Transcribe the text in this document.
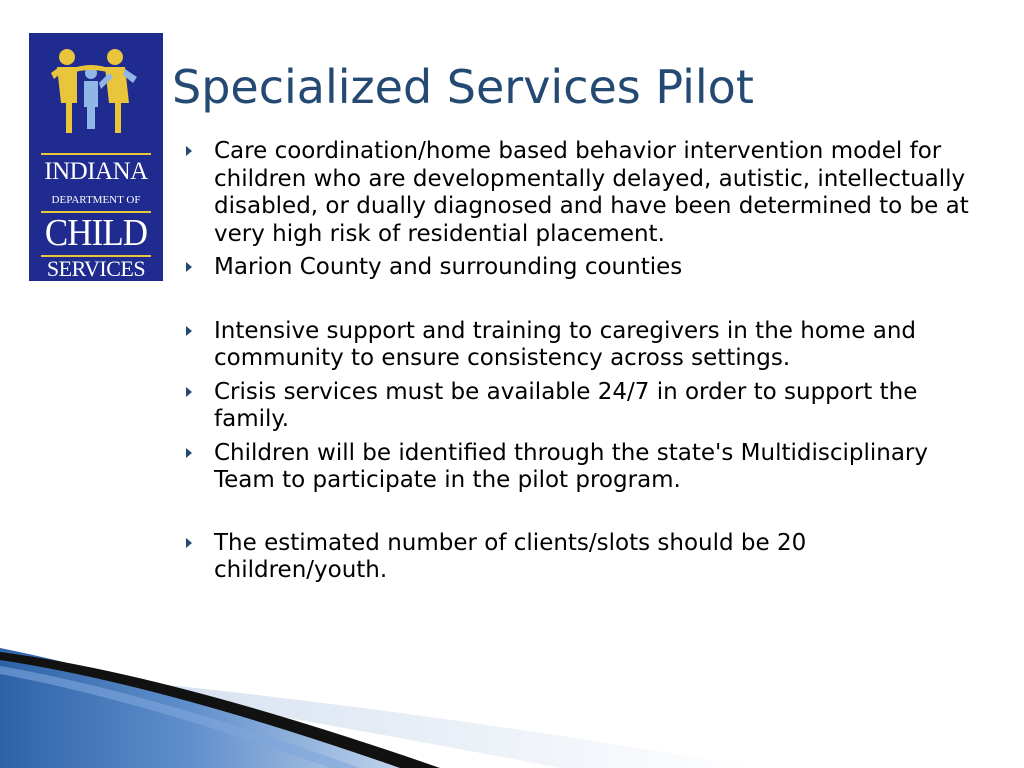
INDIANA
DEPARTMENT OF
CHILD
SERVICES
Specialized Services Pilot
Care coordination/home based behavior intervention model for children who are developmentally delayed, autistic, intellectually disabled, or dually diagnosed and have been determined to be at very high risk of residential placement.
Marion County and surrounding counties
Intensive support and training to caregivers in the home and community to ensure consistency across settings.
Crisis services must be available 24/7 in order to support the family.
Children will be identified through the state's Multidisciplinary Team to participate in the pilot program.
The estimated number of clients/slots should be 20 children/youth.
